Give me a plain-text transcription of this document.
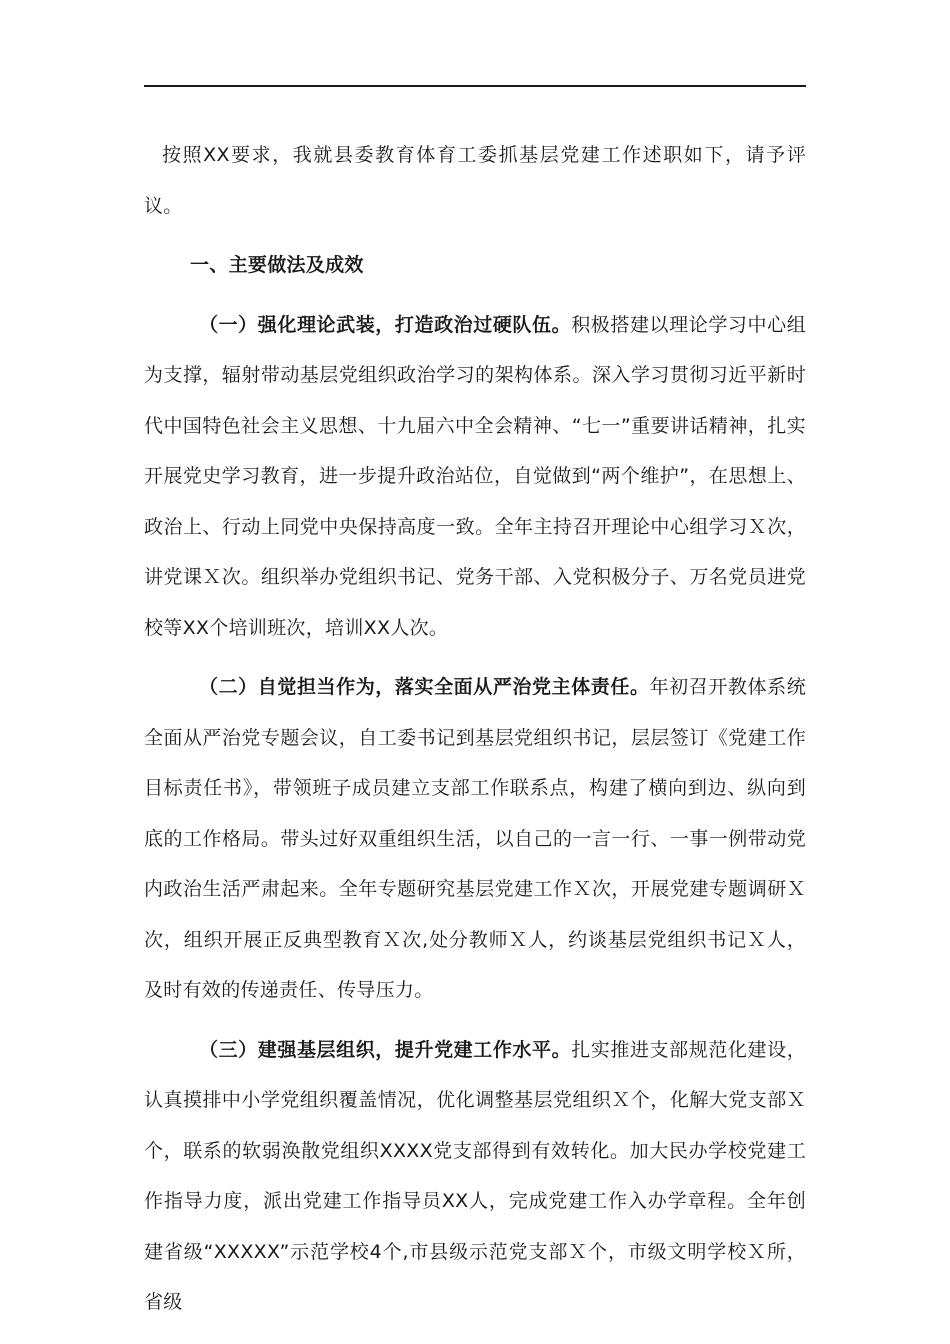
按照XX要求，我就县委教育体育工委抓基层党建工作述职如下，请予评议。

一、主要做法及成效

（一）强化理论武装，打造政治过硬队伍。积极搭建以理论学习中心组为支撑，辐射带动基层党组织政治学习的架构体系。深入学习贯彻习近平新时代中国特色社会主义思想、十九届六中全会精神、“七一”重要讲话精神，扎实开展党史学习教育，进一步提升政治站位，自觉做到“两个维护”，在思想上、政治上、行动上同党中央保持高度一致。全年主持召开理论中心组学习Ｘ次，讲党课Ｘ次。组织举办党组织书记、党务干部、入党积极分子、万名党员进党校等XX个培训班次，培训XX人次。

（二）自觉担当作为，落实全面从严治党主体责任。年初召开教体系统全面从严治党专题会议，自工委书记到基层党组织书记，层层签订《党建工作目标责任书》，带领班子成员建立支部工作联系点，构建了横向到边、纵向到底的工作格局。带头过好双重组织生活，以自己的一言一行、一事一例带动党内政治生活严肃起来。全年专题研究基层党建工作Ｘ次，开展党建专题调研Ｘ次，组织开展正反典型教育Ｘ次,处分教师Ｘ人，约谈基层党组织书记Ｘ人，及时有效的传递责任、传导压力。

（三）建强基层组织，提升党建工作水平。扎实推进支部规范化建设，认真摸排中小学党组织覆盖情况，优化调整基层党组织Ｘ个，化解大党支部Ｘ个，联系的软弱涣散党组织XXXX党支部得到有效转化。加大民办学校党建工作指导力度，派出党建工作指导员XX人，完成党建工作入办学章程。全年创建省级“XXXXX”示范学校4个,市县级示范党支部Ｘ个，市级文明学校Ｘ所，省级
